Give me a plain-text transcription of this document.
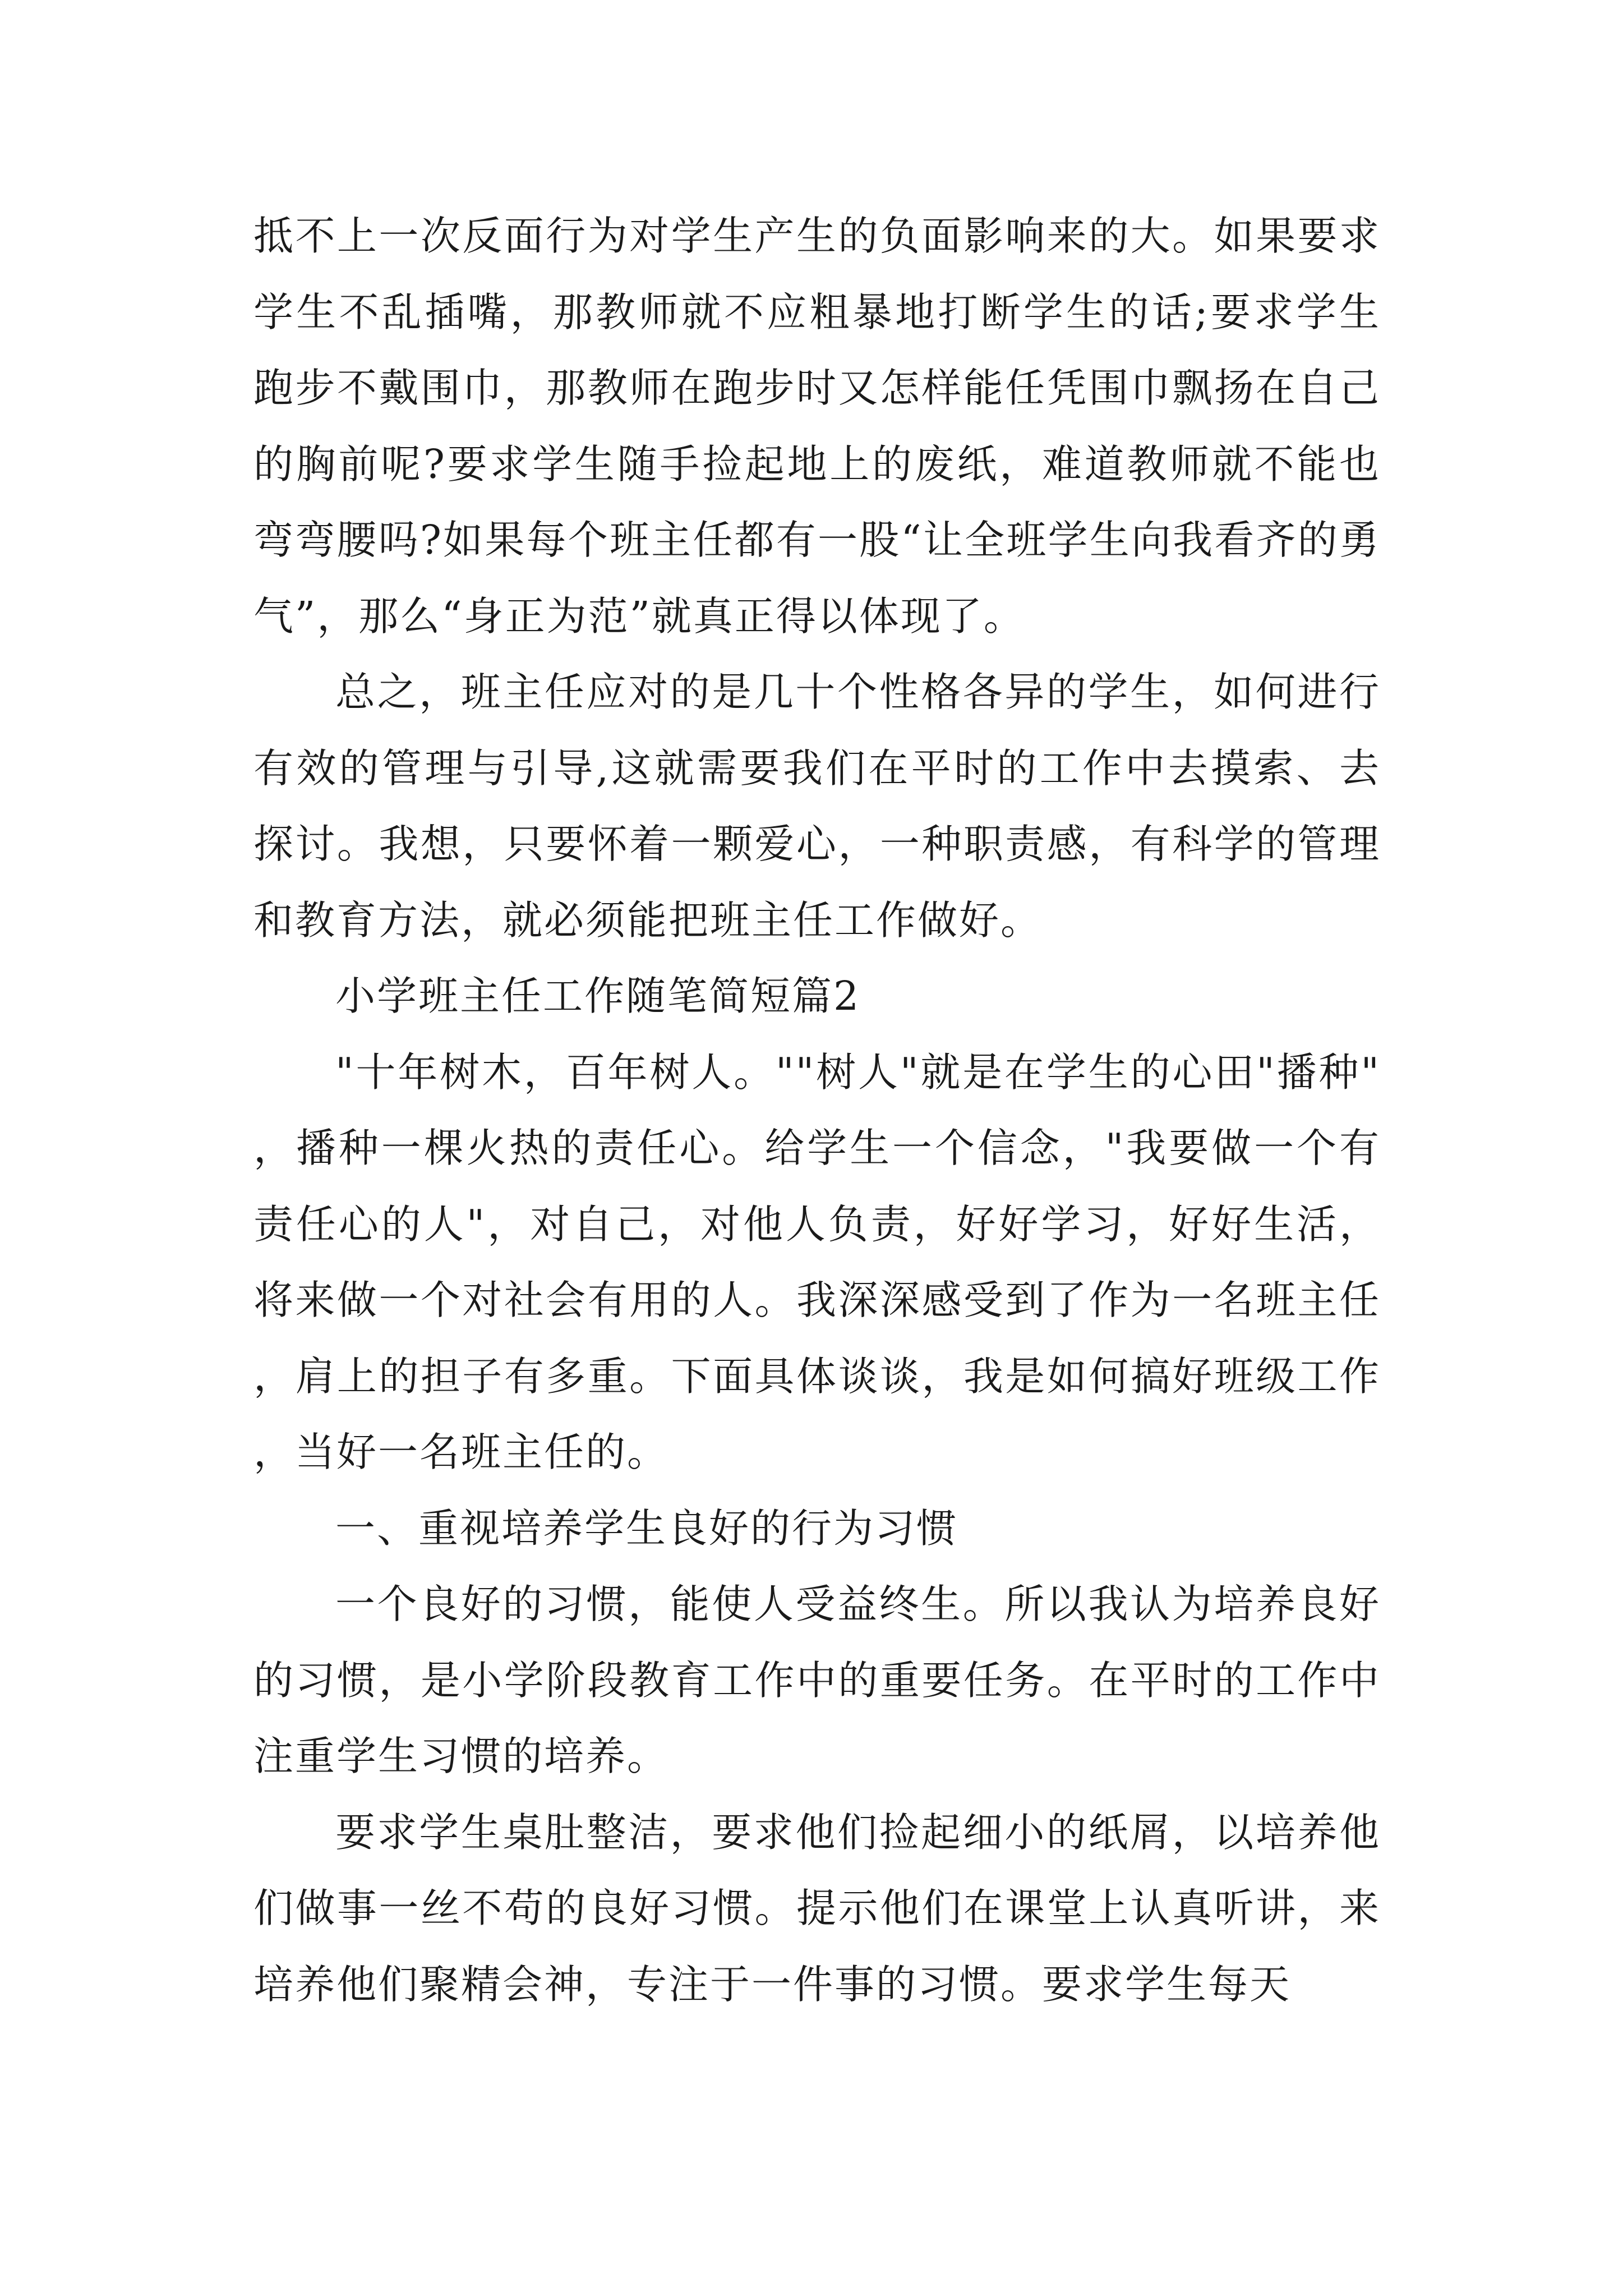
抵不上一次反面行为对学生产生的负面影响来的大。如果要求学生不乱插嘴，那教师就不应粗暴地打断学生的话;要求学生跑步不戴围巾，那教师在跑步时又怎样能任凭围巾飘扬在自己的胸前呢?要求学生随手捡起地上的废纸，难道教师就不能也弯弯腰吗?如果每个班主任都有一股“让全班学生向我看齐的勇气”，那么“身正为范”就真正得以体现了。

总之，班主任应对的是几十个性格各异的学生，如何进行有效的管理与引导,这就需要我们在平时的工作中去摸索、去探讨。我想，只要怀着一颗爱心，一种职责感，有科学的管理和教育方法，就必须能把班主任工作做好。

小学班主任工作随笔简短篇2

"十年树木，百年树人。""树人"就是在学生的心田"播种"，播种一棵火热的责任心。给学生一个信念，"我要做一个有责任心的人"，对自己，对他人负责，好好学习，好好生活，将来做一个对社会有用的人。我深深感受到了作为一名班主任，肩上的担子有多重。下面具体谈谈，我是如何搞好班级工作，当好一名班主任的。

一、重视培养学生良好的行为习惯

一个良好的习惯，能使人受益终生。所以我认为培养良好的习惯，是小学阶段教育工作中的重要任务。在平时的工作中注重学生习惯的培养。

要求学生桌肚整洁，要求他们捡起细小的纸屑，以培养他们做事一丝不苟的良好习惯。提示他们在课堂上认真听讲，来培养他们聚精会神，专注于一件事的习惯。要求学生每天
